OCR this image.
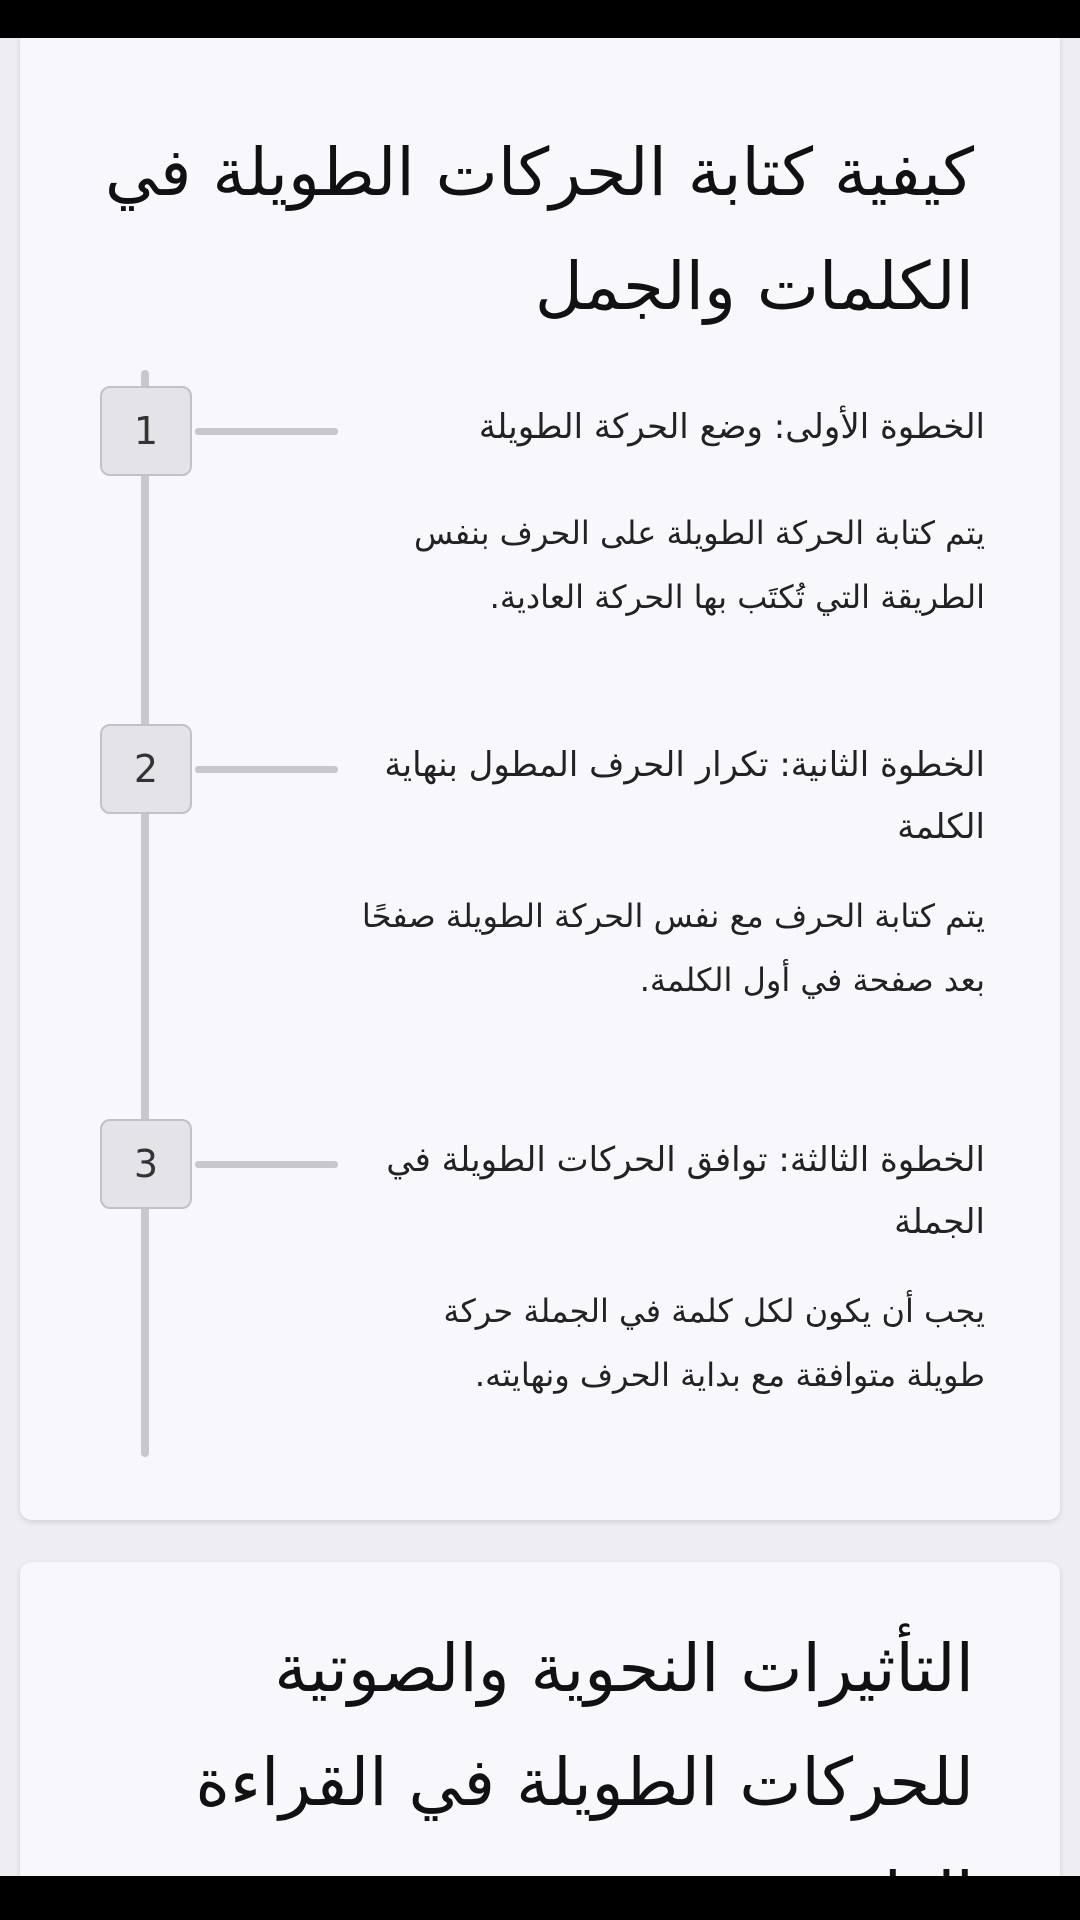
كيفية كتابة الحركات الطويلة في الكلمات والجمل
1	الخطوة الأولى: وضع الحركة الطويلة

يتم كتابة الحركة الطويلة على الحرف بنفس الطريقة التي تُكتَب بها الحركة العادية.

2	الخطوة الثانية: تكرار الحرف المطول بنهاية الكلمة

يتم كتابة الحرف مع نفس الحركة الطويلة صفحًا بعد صفحة في أول الكلمة.

3	الخطوة الثالثة: توافق الحركات الطويلة في الجملة

يجب أن يكون لكل كلمة في الجملة حركة طويلة متوافقة مع بداية الحرف ونهايته.

التأثيرات النحوية والصوتية للحركات الطويلة في القراءة
